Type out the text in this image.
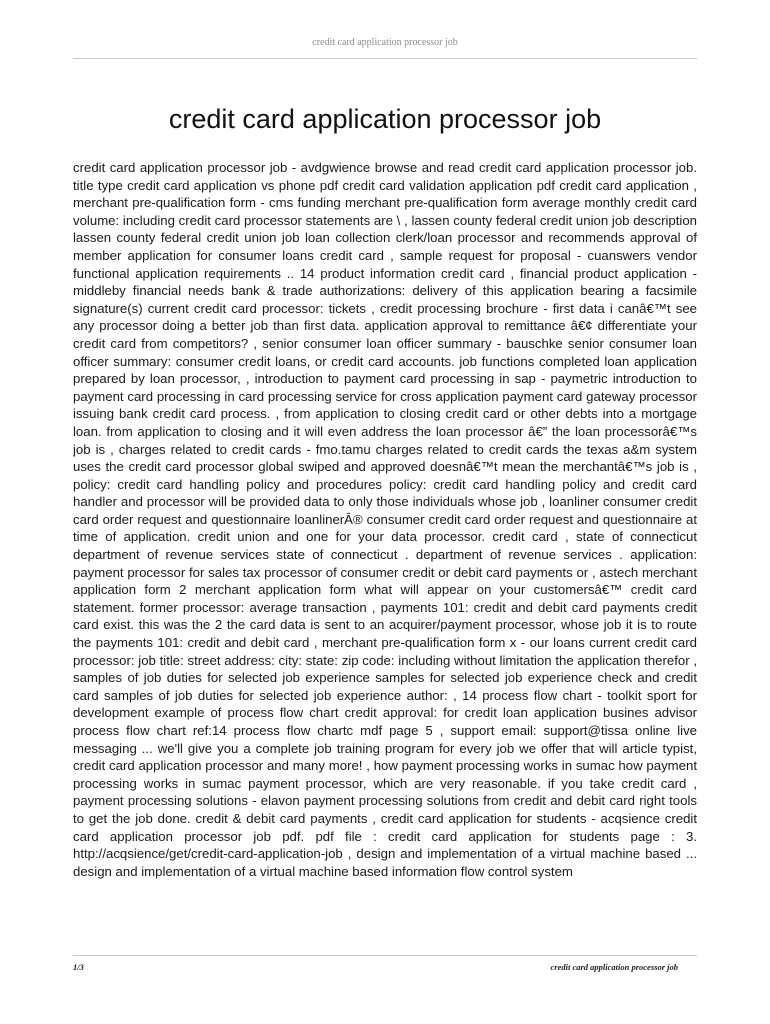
credit card application processor job
credit card application processor job

credit card application processor job - avdgwience browse and read credit card application processor job. title type credit card application vs phone pdf credit card validation application pdf credit card application , merchant pre-qualification form - cms funding merchant pre-qualification form average monthly credit card volume: including credit card processor statements are \ , lassen county federal credit union job description lassen county federal credit union job loan collection clerk/loan processor and recommends approval of member application for consumer loans credit card , sample request for proposal - cuanswers vendor functional application requirements .. 14 product information credit card , financial product application - middleby financial needs bank & trade authorizations: delivery of this application bearing a facsimile signature(s) current credit card processor: tickets , credit processing brochure - first data i canâ€™t see any processor doing a better job than first data. application approval to remittance â€¢ differentiate your credit card from competitors? , senior consumer loan officer summary - bauschke senior consumer loan officer summary: consumer credit loans, or credit card accounts. job functions completed loan application prepared by loan processor, , introduction to payment card processing in sap - paymetric introduction to payment card processing in card processing service for cross application payment card gateway processor issuing bank credit card process. , from application to closing credit card or other debts into a mortgage loan. from application to closing and it will even address the loan processor â€” the loan processorâ€™s job is , charges related to credit cards - fmo.tamu charges related to credit cards the texas a&m system uses the credit card processor global swiped and approved doesnâ€™t mean the merchantâ€™s job is , policy: credit card handling policy and procedures policy: credit card handling policy and credit card handler and processor will be provided data to only those individuals whose job , loanliner consumer credit card order request and questionnaire loanlinerÂ® consumer credit card order request and questionnaire at time of application. credit union and one for your data processor. credit card , state of connecticut department of revenue services state of connecticut . department of revenue services . application: payment processor for sales tax processor of consumer credit or debit card payments or , astech merchant application form 2 merchant application form what will appear on your customersâ€™ credit card statement. former processor: average transaction , payments 101: credit and debit card payments credit card exist. this was the 2 the card data is sent to an acquirer/payment processor, whose job it is to route the payments 101: credit and debit card , merchant pre-qualification form x - our loans current credit card processor: job title: street address: city: state: zip code: including without limitation the application therefor , samples of job duties for selected job experience samples for selected job experience check and credit card samples of job duties for selected job experience author: , 14 process flow chart - toolkit sport for development example of process flow chart credit approval: for credit loan application busines advisor process flow chart ref:14 process flow chartc mdf page 5 , support email: support@tissa online live messaging ... we'll give you a complete job training program for every job we offer that will article typist, credit card application processor and many more! , how payment processing works in sumac how payment processing works in sumac payment processor, which are very reasonable. if you take credit card , payment processing solutions - elavon payment processing solutions from credit and debit card right tools to get the job done. credit & debit card payments , credit card application for students - acqsience credit card application processor job pdf. pdf file : credit card application for students page : 3. http://acqsience/get/credit-card-application-job , design and implementation of a virtual machine based ... design and implementation of a virtual machine based information flow control system

1/3	credit card application processor job
